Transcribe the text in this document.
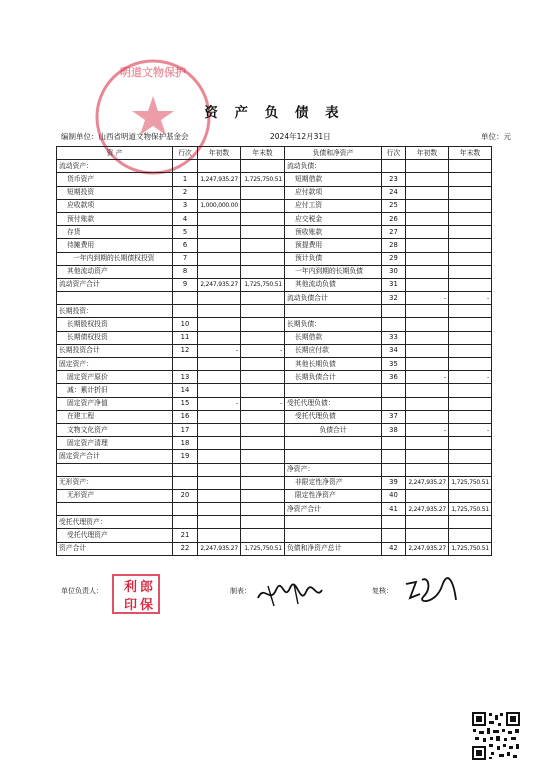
明道文物保护
资 产 负 债 表
编制单位：山西省明道文物保护基金会	2024年12月31日	单位：元
资 产	行次	年初数	年末数	负债和净资产	行次	年初数	年末数
流动资产：				流动负债：			
货币资产	1	1,247,935.27	1,725,750.51	短期借款	23		
短期投资	2			应付款项	24		
应收款项	3	1,000,000.00		应付工资	25		
预付账款	4			应交税金	26		
存货	5			预收账款	27		
待摊费用	6			预提费用	28		
一年内到期的长期债权投资	7			预计负债	29		
其他流动资产	8			一年内到期的长期负债	30		
流动资产合计	9	2,247,935.27	1,725,750.51	其他流动负债	31		
				流动负债合计	32	-	-
长期投资：							
长期股权投资	10			长期负债：			
长期债权投资	11			长期借款	33		
长期投资合计	12	-	-	长期应付款	34		
固定资产：				其他长期负债	35		
固定资产原价	13			长期负债合计	36	-	-
减：累计折旧	14						
固定资产净值	15	-	-	受托代理负债：			
在建工程	16			受托代理负债	37		
文物文化资产	17			负债合计	38	-	-
固定资产清理	18						
固定资产合计	19						
				净资产：			
无形资产：				非限定性净资产	39	2,247,935.27	1,725,750.51
无形资产	20			限定性净资产	40		
				净资产合计	41	2,247,935.27	1,725,750.51
受托代理资产：							
受托代理资产	21						
资产合计	22	2,247,935.27	1,725,750.51	负债和净资产总计	42	2,247,935.27	1,725,750.51
单位负责人：	制表：	复核：
利 郎
印 保
